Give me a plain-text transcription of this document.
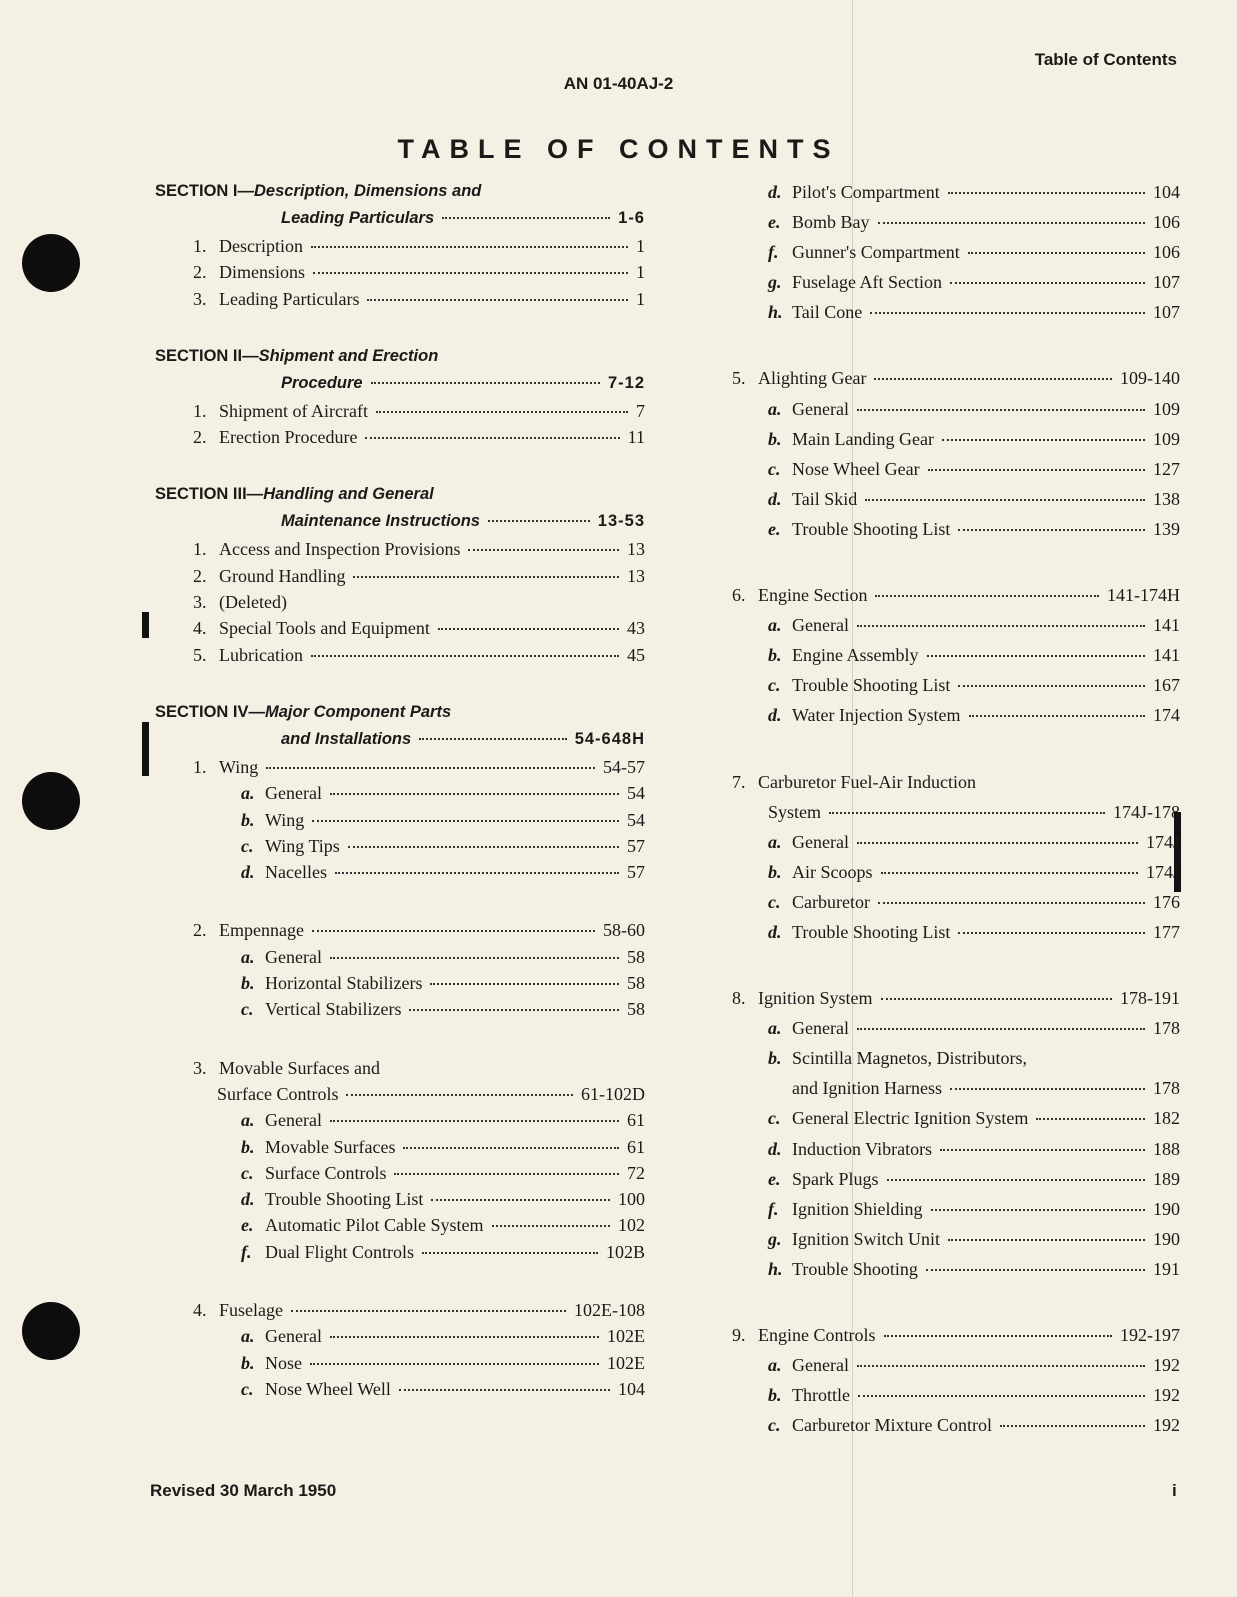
Table of Contents
AN 01-40AJ-2
TABLE OF CONTENTS
SECTION I— Description, Dimensions and
Leading Particulars	1-6
1. Description	1
2. Dimensions	1
3. Leading Particulars	1
SECTION II— Shipment and Erection
Procedure	7-12
1. Shipment of Aircraft	7
2. Erection Procedure	11
SECTION III— Handling and General
Maintenance Instructions	13-53
1. Access and Inspection Provisions	13
2. Ground Handling	13
3. (Deleted)
4. Special Tools and Equipment	43
5. Lubrication	45
SECTION IV— Major Component Parts
and Installations	54-648H
1. Wing	54-57
a. General	54
b. Wing	54
c. Wing Tips	57
d. Nacelles	57
2. Empennage	58-60
a. General	58
b. Horizontal Stabilizers	58
c. Vertical Stabilizers	58
3. Movable Surfaces and
Surface Controls	61-102D
a. General	61
b. Movable Surfaces	61
c. Surface Controls	72
d. Trouble Shooting List	100
e. Automatic Pilot Cable System	102
f. Dual Flight Controls	102B
4. Fuselage	102E-108
a. General	102E
b. Nose	102E
c. Nose Wheel Well	104
d. Pilot's Compartment	104
e. Bomb Bay	106
f. Gunner's Compartment	106
g. Fuselage Aft Section	107
h. Tail Cone	107
5. Alighting Gear	109-140
a. General	109
b. Main Landing Gear	109
c. Nose Wheel Gear	127
d. Tail Skid	138
e. Trouble Shooting List	139
6. Engine Section	141-174H
a. General	141
b. Engine Assembly	141
c. Trouble Shooting List	167
d. Water Injection System	174
7. Carburetor Fuel-Air Induction
System	174J-178
a. General	174J
b. Air Scoops	174J
c. Carburetor	176
d. Trouble Shooting List	177
8. Ignition System	178-191
a. General	178
b. Scintilla Magnetos, Distributors,
and Ignition Harness	178
c. General Electric Ignition System	182
d. Induction Vibrators	188
e. Spark Plugs	189
f. Ignition Shielding	190
g. Ignition Switch Unit	190
h. Trouble Shooting	191
9. Engine Controls	192-197
a. General	192
b. Throttle	192
c. Carburetor Mixture Control	192
Revised 30 March 1950	i
